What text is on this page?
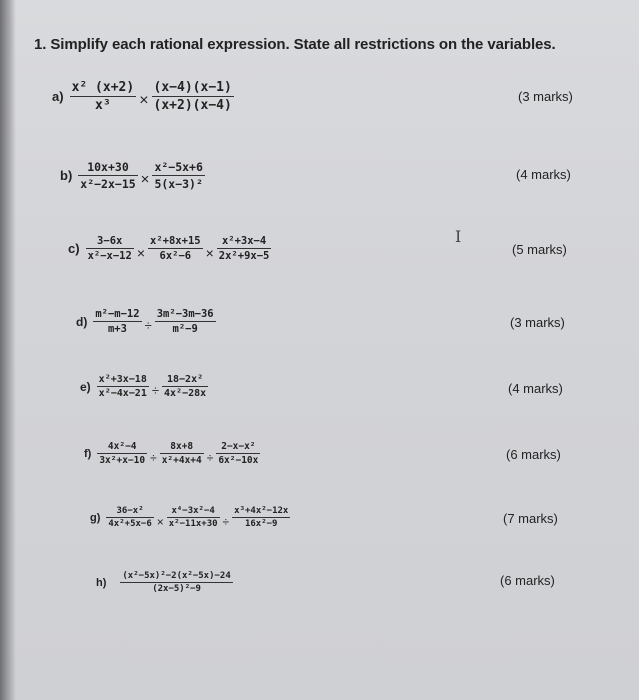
1. Simplify each rational expression. State all restrictions on the variables.
I
$a) \frac{\text{x² (x+2)}}{\text{x³}} \times \frac{(x-4)(x-1)}{(x+2)(x-4)}$	(3 marks)
$b) \frac{10x+30}{\text{x²−2x−15}} \times \frac{\text{x²−5x+6}}{\text{5(x−3)²}}$	(4 marks)
$c) \frac{3-6x}{\text{x²−x−12}} \times \frac{\text{x²+8x+15}}{\text{6x²−6}} \times \frac{\text{x²+3x−4}}{\text{2x²+9x−5}}$	(5 marks)
$d) \frac{\text{m²−m−12}}{m+3} \div \frac{\text{3m²−3m−36}}{\text{m²−9}}$	(3 marks)
$e) \frac{\text{x²+3x−18}}{\text{x²−4x−21}} \div \frac{\text{18−2x²}}{\text{4x²−28x}}$	(4 marks)
$f) \frac{\text{4x²−4}}{\text{3x²+x−10}} \div \frac{8x+8}{\text{x²+4x+4}} \div \frac{\text{2−x−x²}}{\text{6x²−10x}}$	(6 marks)
$g) \frac{\text{36−x²}}{\text{4x²+5x−6}} \times \frac{\text{x⁴−3x²−4}}{\text{x²−11x+30}} \div \frac{\text{x³+4x²−12x}}{\text{16x²−9}}$	(7 marks)
$h) \frac{\text{(x²−5x)²−2(x²−5x)−24}}{\text{(2x−5)²−9}}$	(6 marks)
